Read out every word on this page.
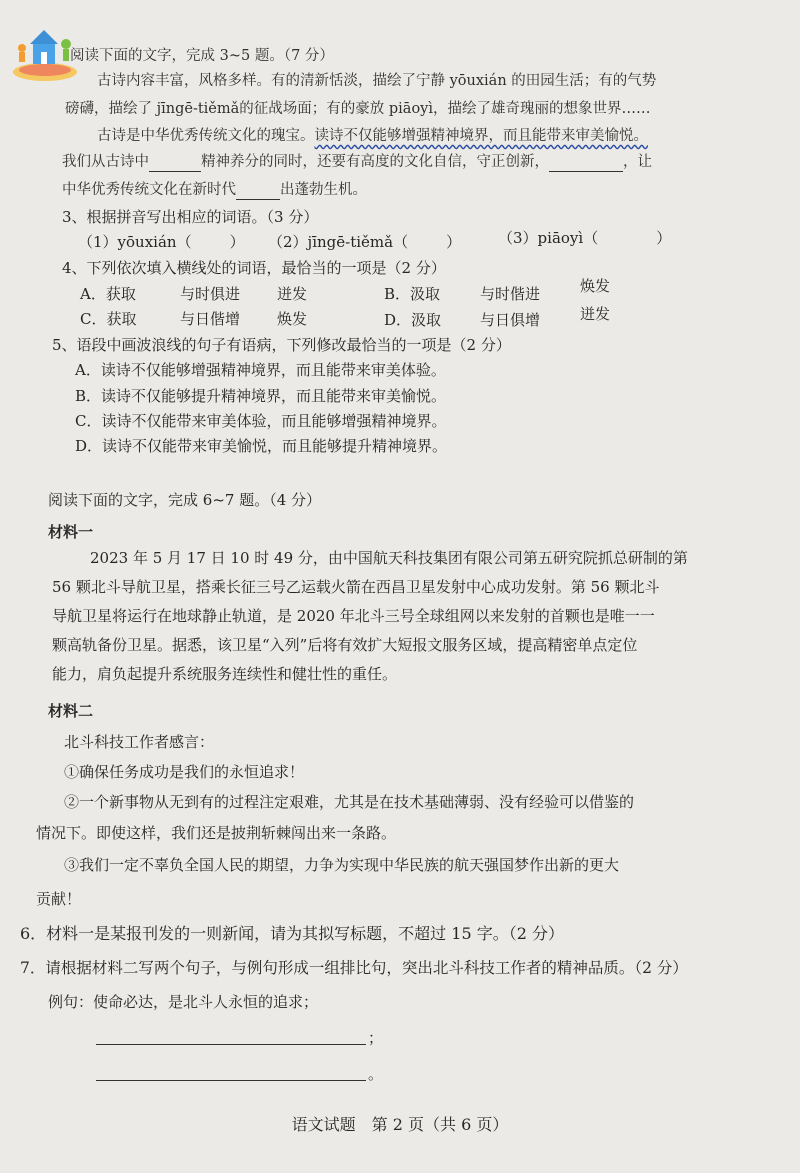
阅读下面的文字，完成 3~5 题。（7 分）
古诗内容丰富，风格多样。有的清新恬淡，描绘了宁静 yōuxián 的田园生活；有的气势
磅礴，描绘了 jīngē-tiěmǎ的征战场面；有的豪放 piāoyì，描绘了雄奇瑰丽的想象世界……
古诗是中华优秀传统文化的瑰宝。读诗不仅能够增强精神境界，而且能带来审美愉悦。
我们从古诗中	精神养分的同时，还要有高度的文化自信，守正创新，	，让
中华优秀传统文化在新时代	出蓬勃生机。
3、根据拼音写出相应的词语。（3 分）
（1）yōuxián（	） （2）jīngē-tiěmǎ（	） （3）piāoyì（	）
4、下列依次填入横线处的词语，最恰当的一项是（2 分）
A．获取	与时俱进 迸发	B．汲取	与时偕进	焕发
C．获取	与日偕增 焕发	D．汲取	与日俱增	迸发
5、语段中画波浪线的句子有语病，下列修改最恰当的一项是（2 分）
A．读诗不仅能够增强精神境界，而且能带来审美体验。
B．读诗不仅能够提升精神境界，而且能带来审美愉悦。
C．读诗不仅能带来审美体验，而且能够增强精神境界。
D．读诗不仅能带来审美愉悦，而且能够提升精神境界。
阅读下面的文字，完成 6~7 题。（4 分）
材料一
2023 年 5 月 17 日 10 时 49 分，由中国航天科技集团有限公司第五研究院抓总研制的第
56 颗北斗导航卫星，搭乘长征三号乙运载火箭在西昌卫星发射中心成功发射。第 56 颗北斗
导航卫星将运行在地球静止轨道，是 2020 年北斗三号全球组网以来发射的首颗也是唯一一
颗高轨备份卫星。据悉，该卫星“入列”后将有效扩大短报文服务区域，提高精密单点定位
能力，肩负起提升系统服务连续性和健壮性的重任。
材料二
北斗科技工作者感言：
①确保任务成功是我们的永恒追求！
②一个新事物从无到有的过程注定艰难，尤其是在技术基础薄弱、没有经验可以借鉴的
情况下。即使这样，我们还是披荆斩棘闯出来一条路。
③我们一定不辜负全国人民的期望，力争为实现中华民族的航天强国梦作出新的更大
贡献！
6．材料一是某报刊发的一则新闻，请为其拟写标题，不超过 15 字。（2 分）
7．请根据材料二写两个句子，与例句形成一组排比句，突出北斗科技工作者的精神品质。（2 分）
例句：使命必达，是北斗人永恒的追求；
；
。
语文试题　第 2 页（共 6 页）
